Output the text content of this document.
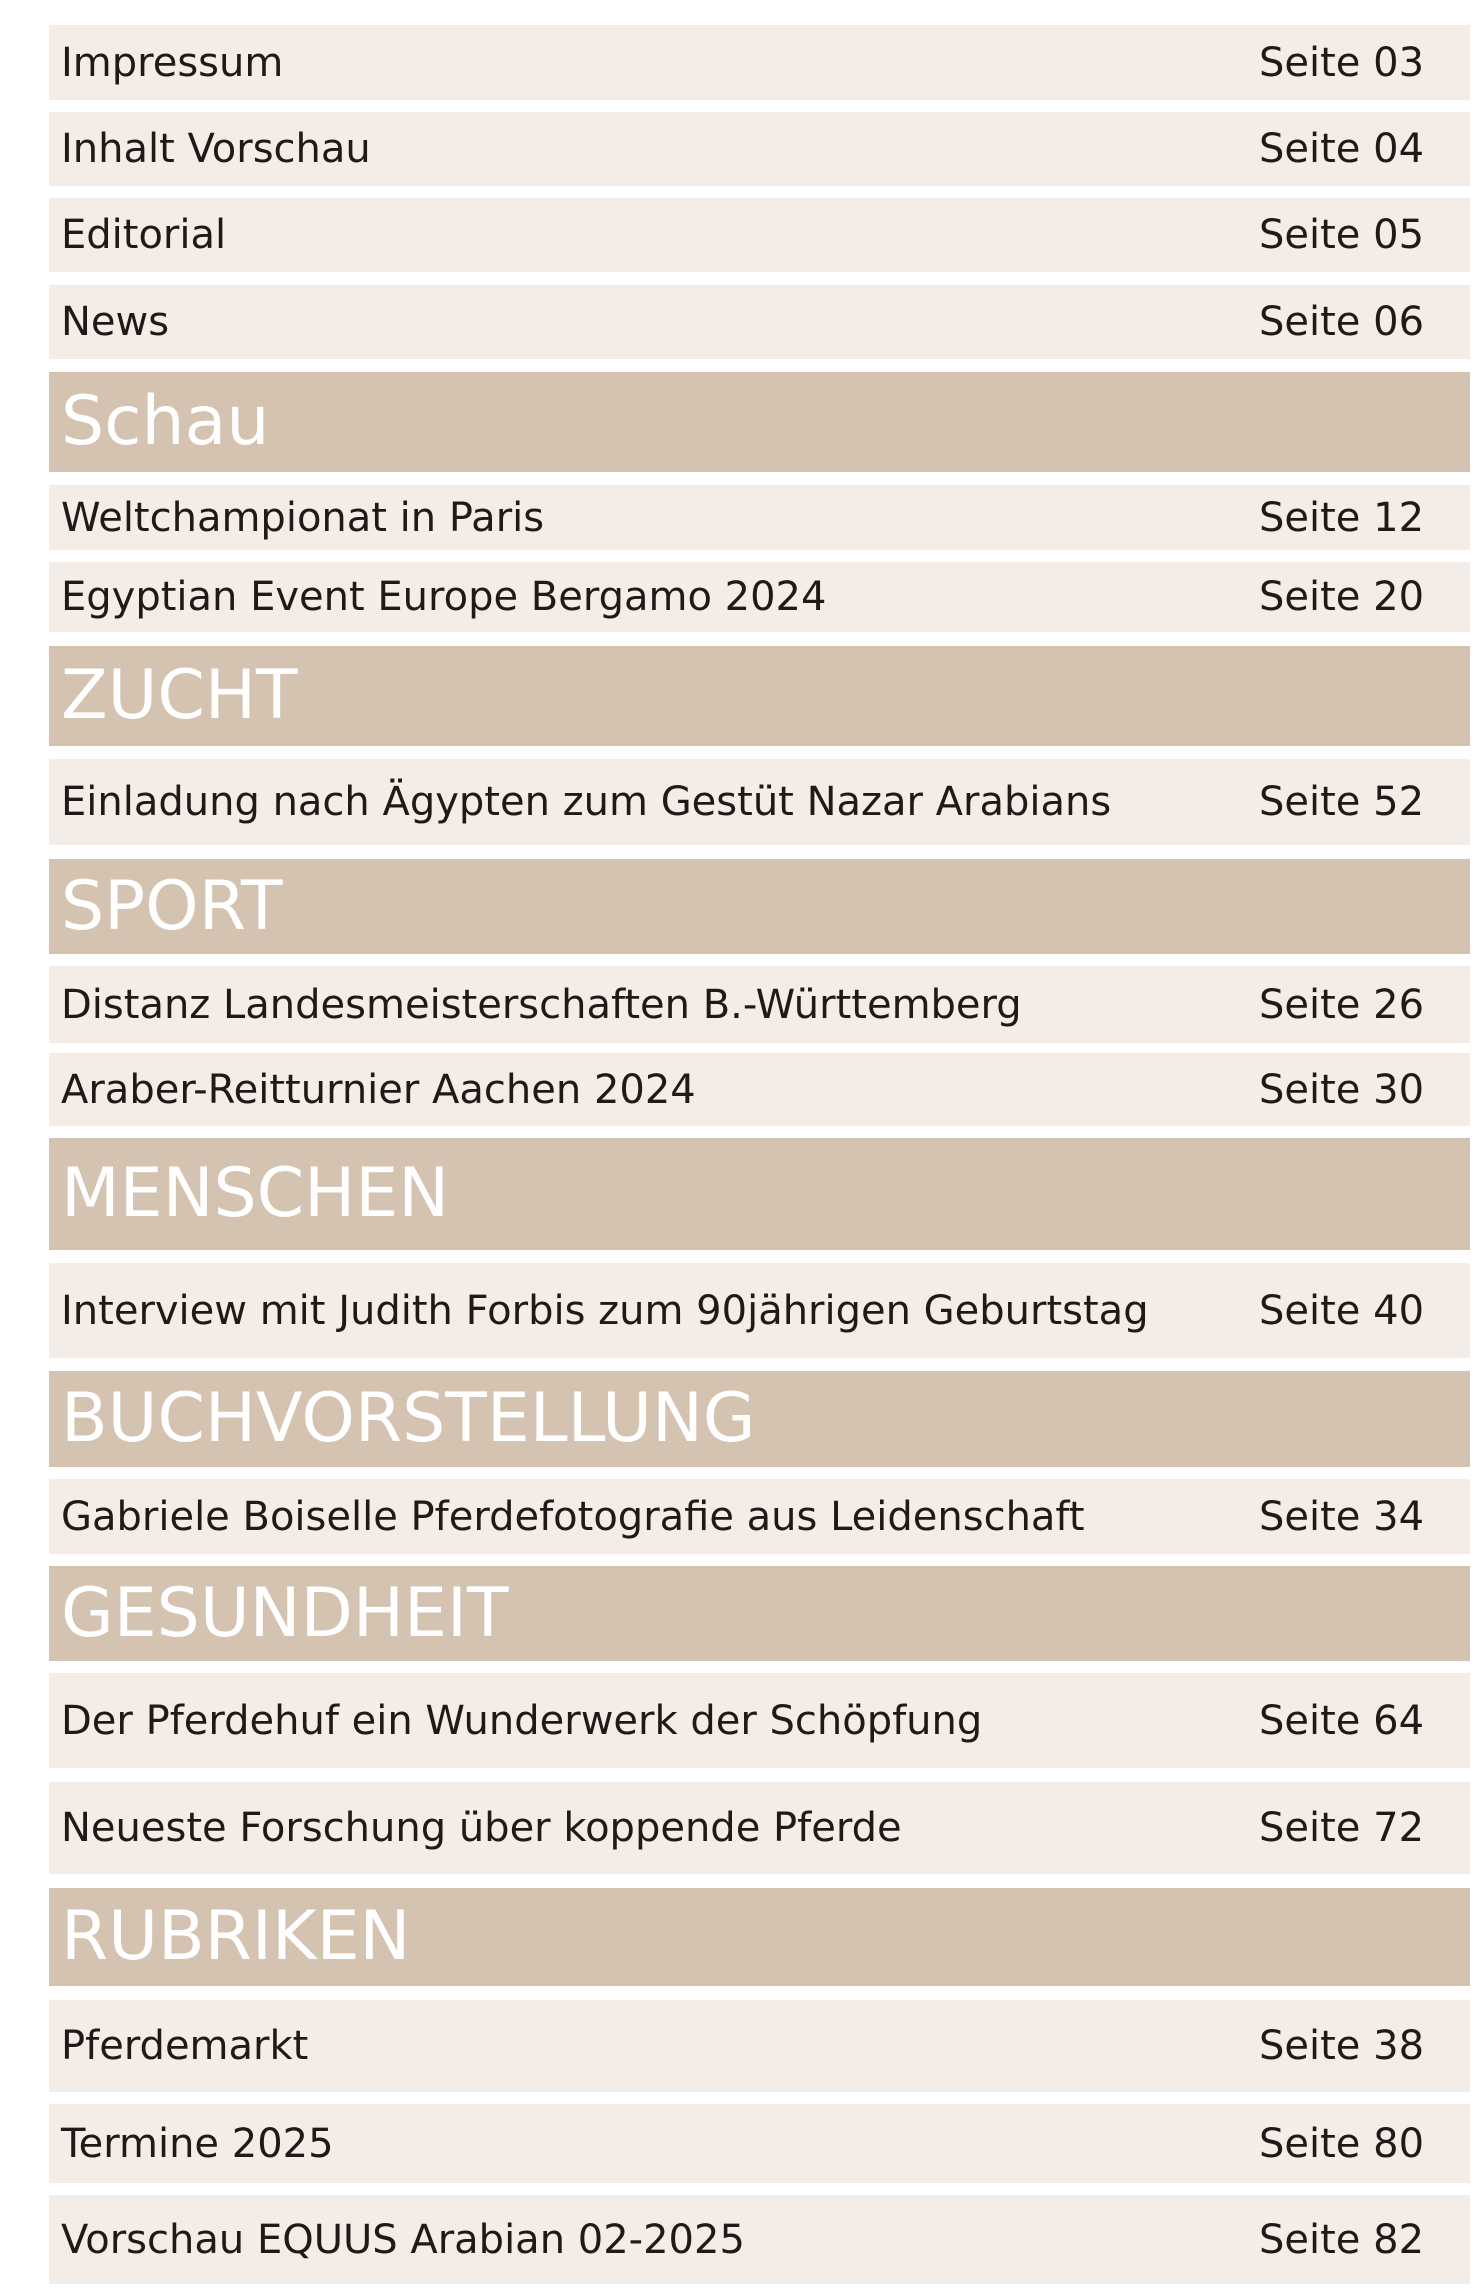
Impressum	Seite 03
Inhalt Vorschau	Seite 04
Editorial	Seite 05
News	Seite 06
Schau
Weltchampionat in Paris	Seite 12
Egyptian Event Europe Bergamo 2024	Seite 20
ZUCHT
Einladung nach Ägypten zum Gestüt Nazar Arabians	Seite 52
SPORT
Distanz Landesmeisterschaften B.-Württemberg	Seite 26
Araber-Reitturnier Aachen 2024	Seite 30
MENSCHEN
Interview mit Judith Forbis zum 90jährigen Geburtstag	Seite 40
BUCHVORSTELLUNG
Gabriele Boiselle Pferdefotografie aus Leidenschaft	Seite 34
GESUNDHEIT
Der Pferdehuf ein Wunderwerk der Schöpfung	Seite 64
Neueste Forschung über koppende Pferde	Seite 72
RUBRIKEN
Pferdemarkt	Seite 38
Termine 2025	Seite 80
Vorschau EQUUS Arabian 02-2025	Seite 82
